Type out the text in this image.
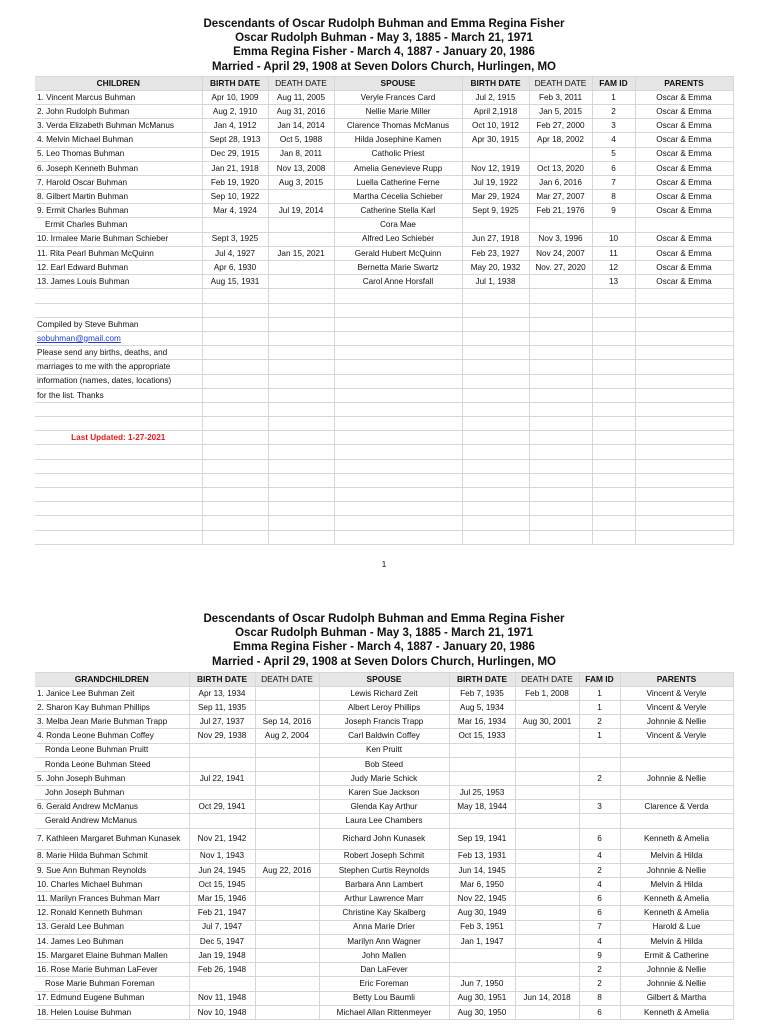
Descendants of Oscar Rudolph Buhman and Emma Regina Fisher
Oscar Rudolph Buhman - May 3, 1885 - March 21, 1971
Emma Regina Fisher - March 4, 1887 - January 20, 1986
Married - April 29, 1908 at Seven Dolors Church, Hurlingen, MO
CHILDREN	BIRTH DATE	DEATH DATE	SPOUSE	BIRTH DATE	DEATH DATE	FAM ID	PARENTS
1. Vincent Marcus Buhman	Apr 10, 1909	Aug 11, 2005	Veryle Frances Card	Jul 2, 1915	Feb 3, 2011	1	Oscar & Emma
2. John Rudolph Buhman	Aug 2, 1910	Aug 31, 2016	Nellie Marie Miller	April 2,1918	Jan 5, 2015	2	Oscar & Emma
3. Verda Elizabeth Buhman McManus	Jan 4, 1912	Jan 14, 2014	Clarence Thomas McManus	Oct 10, 1912	Feb 27, 2000	3	Oscar & Emma
4. Melvin Michael Buhman	Sept 28, 1913	Oct 5, 1988	Hilda Josephine Kamen	Apr 30, 1915	Apr 18, 2002	4	Oscar & Emma
5. Leo Thomas Buhman	Dec 29, 1915	Jan 8, 2011	Catholic Priest			5	Oscar & Emma
6. Joseph Kenneth Buhman	Jan 21, 1918	Nov 13, 2008	Amelia Genevieve Rupp	Nov 12, 1919	Oct 13, 2020	6	Oscar & Emma
7. Harold Oscar Buhman	Feb 19, 1920	Aug 3, 2015	Luella Catherine Ferne	Jul 19, 1922	Jan 6, 2016	7	Oscar & Emma
8. Gilbert Martin Buhman	Sep 10, 1922		Martha Cecelia Schieber	Mar 29, 1924	Mar 27, 2007	8	Oscar & Emma
9. Ermit Charles Buhman	Mar 4, 1924	Jul 19, 2014	Catherine Stella Karl	Sept 9, 1925	Feb 21, 1976	9	Oscar & Emma
Ermit Charles Buhman			Cora Mae				
10. Irmalee Marie Buhman Schieber	Sept 3, 1925		Alfred Leo Schieber	Jun 27, 1918	Nov 3, 1996	10	Oscar & Emma
11. Rita Pearl Buhman McQuinn	Jul 4, 1927	Jan 15, 2021	Gerald Hubert McQuinn	Feb 23, 1927	Nov 24, 2007	11	Oscar & Emma
12. Earl Edward Buhman	Apr 6, 1930		Bernetta Marie Swartz	May 20, 1932	Nov. 27, 2020	12	Oscar & Emma
13. James Louis Buhman	Aug 15, 1931		Carol Anne Horsfall	Jul 1, 1938		13	Oscar & Emma

Compiled by Steve Buhman							
sobuhman@gmail.com							
Please send any births, deaths, and							
marriages to me with the appropriate							
information (names, dates, locations)							
for the list. Thanks							

Last Updated: 1-27-2021							

1
Descendants of Oscar Rudolph Buhman and Emma Regina Fisher
Oscar Rudolph Buhman - May 3, 1885 - March 21, 1971
Emma Regina Fisher - March 4, 1887 - January 20, 1986
Married - April 29, 1908 at Seven Dolors Church, Hurlingen, MO
GRANDCHILDREN	BIRTH DATE	DEATH DATE	SPOUSE	BIRTH DATE	DEATH DATE	FAM ID	PARENTS
1. Janice Lee Buhman Zeit	Apr 13, 1934		Lewis Richard Zeit	Feb 7, 1935	Feb 1, 2008	1	Vincent & Veryle
2. Sharon Kay Buhman Phillips	Sep 11, 1935		Albert Leroy Phillips	Aug 5, 1934		1	Vincent & Veryle
3. Melba Jean Marie Buhman Trapp	Jul 27, 1937	Sep 14, 2016	Joseph Francis Trapp	Mar 16, 1934	Aug 30, 2001	2	Johnnie & Nellie
4. Ronda Leone Buhman Coffey	Nov 29, 1938	Aug 2, 2004	Carl Baldwin Coffey	Oct 15, 1933		1	Vincent & Veryle
Ronda Leone Buhman Pruitt			Ken Pruitt				
Ronda Leone Buhman Steed			Bob Steed				
5. John Joseph Buhman	Jul 22, 1941		Judy Marie Schick			2	Johnnie & Nellie
John Joseph Buhman			Karen Sue Jackson	Jul 25, 1953			
6. Gerald Andrew McManus	Oct 29, 1941		Glenda Kay Arthur	May 18, 1944		3	Clarence & Verda
Gerald Andrew McManus			Laura Lee Chambers				
7. Kathleen Margaret Buhman Kunasek	Nov 21, 1942		Richard John Kunasek	Sep 19, 1941		6	Kenneth & Amelia
8. Marie Hilda Buhman Schmit	Nov 1, 1943		Robert Joseph Schmit	Feb 13, 1931		4	Melvin & Hilda
9. Sue Ann Buhman Reynolds	Jun 24, 1945	Aug 22, 2016	Stephen Curtis Reynolds	Jun 14, 1945		2	Johnnie & Nellie
10. Charles Michael Buhman	Oct 15, 1945		Barbara Ann Lambert	Mar 6, 1950		4	Melvin & Hilda
11. Marilyn Frances Buhman Marr	Mar 15, 1946		Arthur Lawrence Marr	Nov 22, 1945		6	Kenneth & Amelia
12. Ronald Kenneth Buhman	Feb 21, 1947		Christine Kay Skalberg	Aug 30, 1949		6	Kenneth & Amelia
13. Gerald Lee Buhman	Jul 7, 1947		Anna Marie Drier	Feb 3, 1951		7	Harold & Lue
14. James Leo Buhman	Dec 5, 1947		Marilyn Ann Wagner	Jan 1, 1947		4	Melvin & Hilda
15. Margaret Elaine Buhman Mallen	Jan 19, 1948		John Mallen			9	Ermit & Catherine
16. Rose Marie Buhman LaFever	Feb 26, 1948		Dan LaFever			2	Johnnie & Nellie
Rose Marie Buhman Foreman			Eric Foreman	Jun 7, 1950		2	Johnnie & Nellie
17. Edmund Eugene Buhman	Nov 11, 1948		Betty Lou Baumli	Aug 30, 1951	Jun 14, 2018	8	Gilbert & Martha
18. Helen Louise Buhman	Nov 10, 1948		Michael Allan Rittenmeyer	Aug 30, 1950		6	Kenneth & Amelia
